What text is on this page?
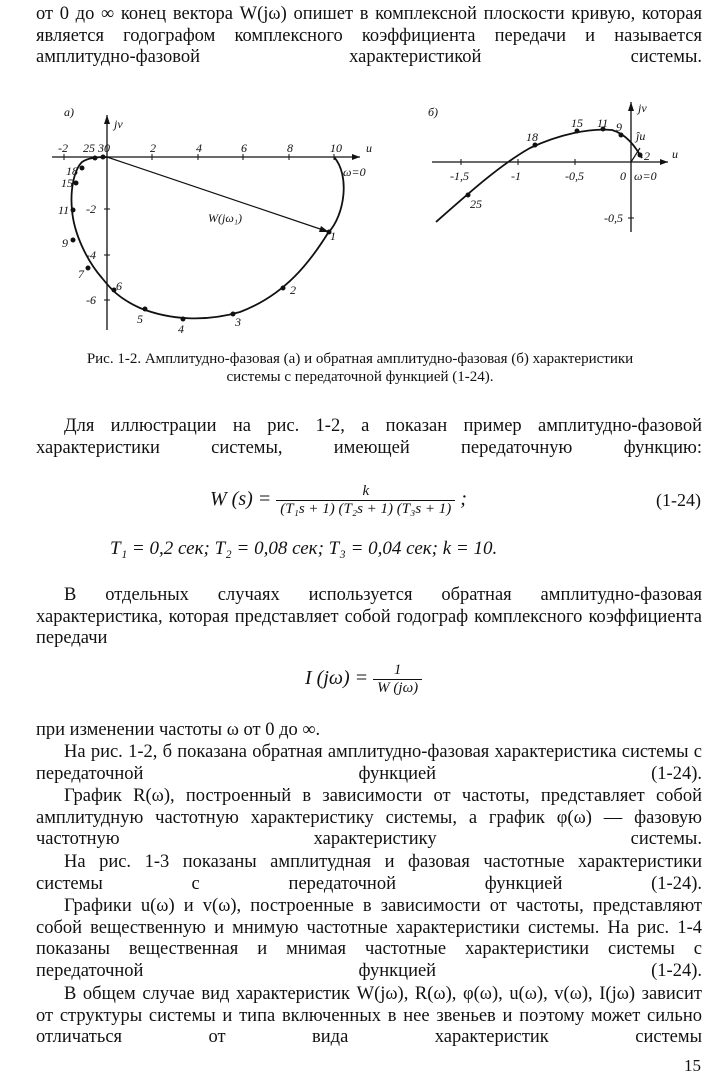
от 0 до ∞ конец вектора W(jω) опишет в комплексной плоскости кривую, которая является годографом комплексного коэффициента передачи и называется амплитудно-фазовой характеристикой системы.
а)
jv
u
-2	2	4	6	8	10
-2
-4
-6
ω=0
W(jω₁)
1
2
3
4
5
6
7
9
11
15
18
25 30
б)	jv
u
-1,5	-1	-0,5	0
-0,5
ω=0
25
18
15 11 9
2
ĵu
Рис. 1-2. Амплитудно-фазовая (а) и обратная амплитудно-фазовая (б) характеристики системы с передаточной функцией (1-24).
Для иллюстрации на рис. 1-2, а показан пример амплитудно-фазовой характеристики системы, имеющей передаточную функцию:
W $(s) = \frac{k}{\text{(T₁s + 1) (T₂s + 1) (T₃s + 1)}}$ ;	(1-24)
T₁ = 0,2 сек; T₂ = 0,08 сек; T₃ = 0,04 сек; k = 10.
В отдельных случаях используется обратная амплитудно-фазовая характеристика, которая представляет собой годограф комплексного коэффициента передачи
I $(j\omega) = \frac{1}{W (j\omega)}$
при изменении частоты ω от 0 до ∞.
На рис. 1-2, б показана обратная амплитудно-фазовая характеристика системы с передаточной функцией (1-24).
График R(ω), построенный в зависимости от частоты, представляет собой амплитудную частотную характеристику системы, а график φ(ω) — фазовую частотную характеристику системы.
На рис. 1-3 показаны амплитудная и фазовая частотные характеристики системы с передаточной функцией (1-24).
Графики u(ω) и v(ω), построенные в зависимости от частоты, представляют собой вещественную и мнимую частотные характеристики системы. На рис. 1-4 показаны вещественная и мнимая частотные характеристики системы с передаточной функцией (1-24).
В общем случае вид характеристик W(jω), R(ω), φ(ω), u(ω), v(ω), I(jω) зависит от структуры системы и типа включенных в нее звеньев и поэтому может сильно отличаться от вида характеристик системы
15
